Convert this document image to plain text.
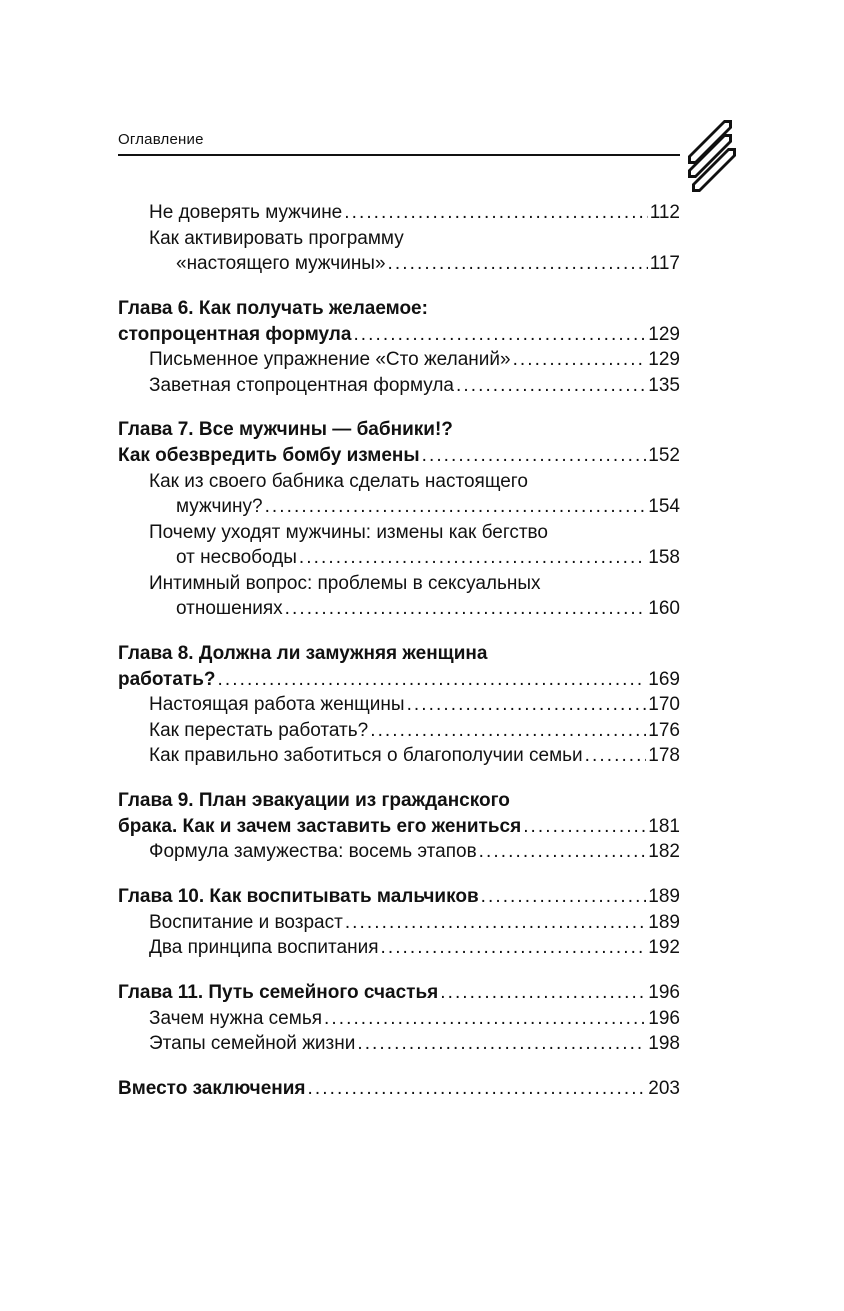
Оглавление
Не доверять мужчине . . .	112
Как активировать программу
«настоящего мужчины» . . .	117
Глава 6. Как получать желаемое:
стопроцентная формула . . .	129
Письменное упражнение «Сто желаний» . . .	129
Заветная стопроцентная формула . . .	135
Глава 7. Все мужчины — бабники!?
Как обезвредить бомбу измены . . .	152
Как из своего бабника сделать настоящего
мужчину? . . .	154
Почему уходят мужчины: измены как бегство
от несвободы . . .	158
Интимный вопрос: проблемы в сексуальных
отношениях . . .	160
Глава 8. Должна ли замужняя женщина
работать? . . .	169
Настоящая работа женщины . . .	170
Как перестать работать? . . .	176
Как правильно заботиться о благополучии семьи . . .	178
Глава 9. План эвакуации из гражданского
брака. Как и зачем заставить его жениться . . .	181
Формула замужества: восемь этапов . . .	182
Глава 10. Как воспитывать мальчиков . . .	189
Воспитание и возраст . . .	189
Два принципа воспитания . . .	192
Глава 11. Путь семейного счастья . . .	196
Зачем нужна семья . . .	196
Этапы семейной жизни . . .	198
Вместо заключения . . .	203
